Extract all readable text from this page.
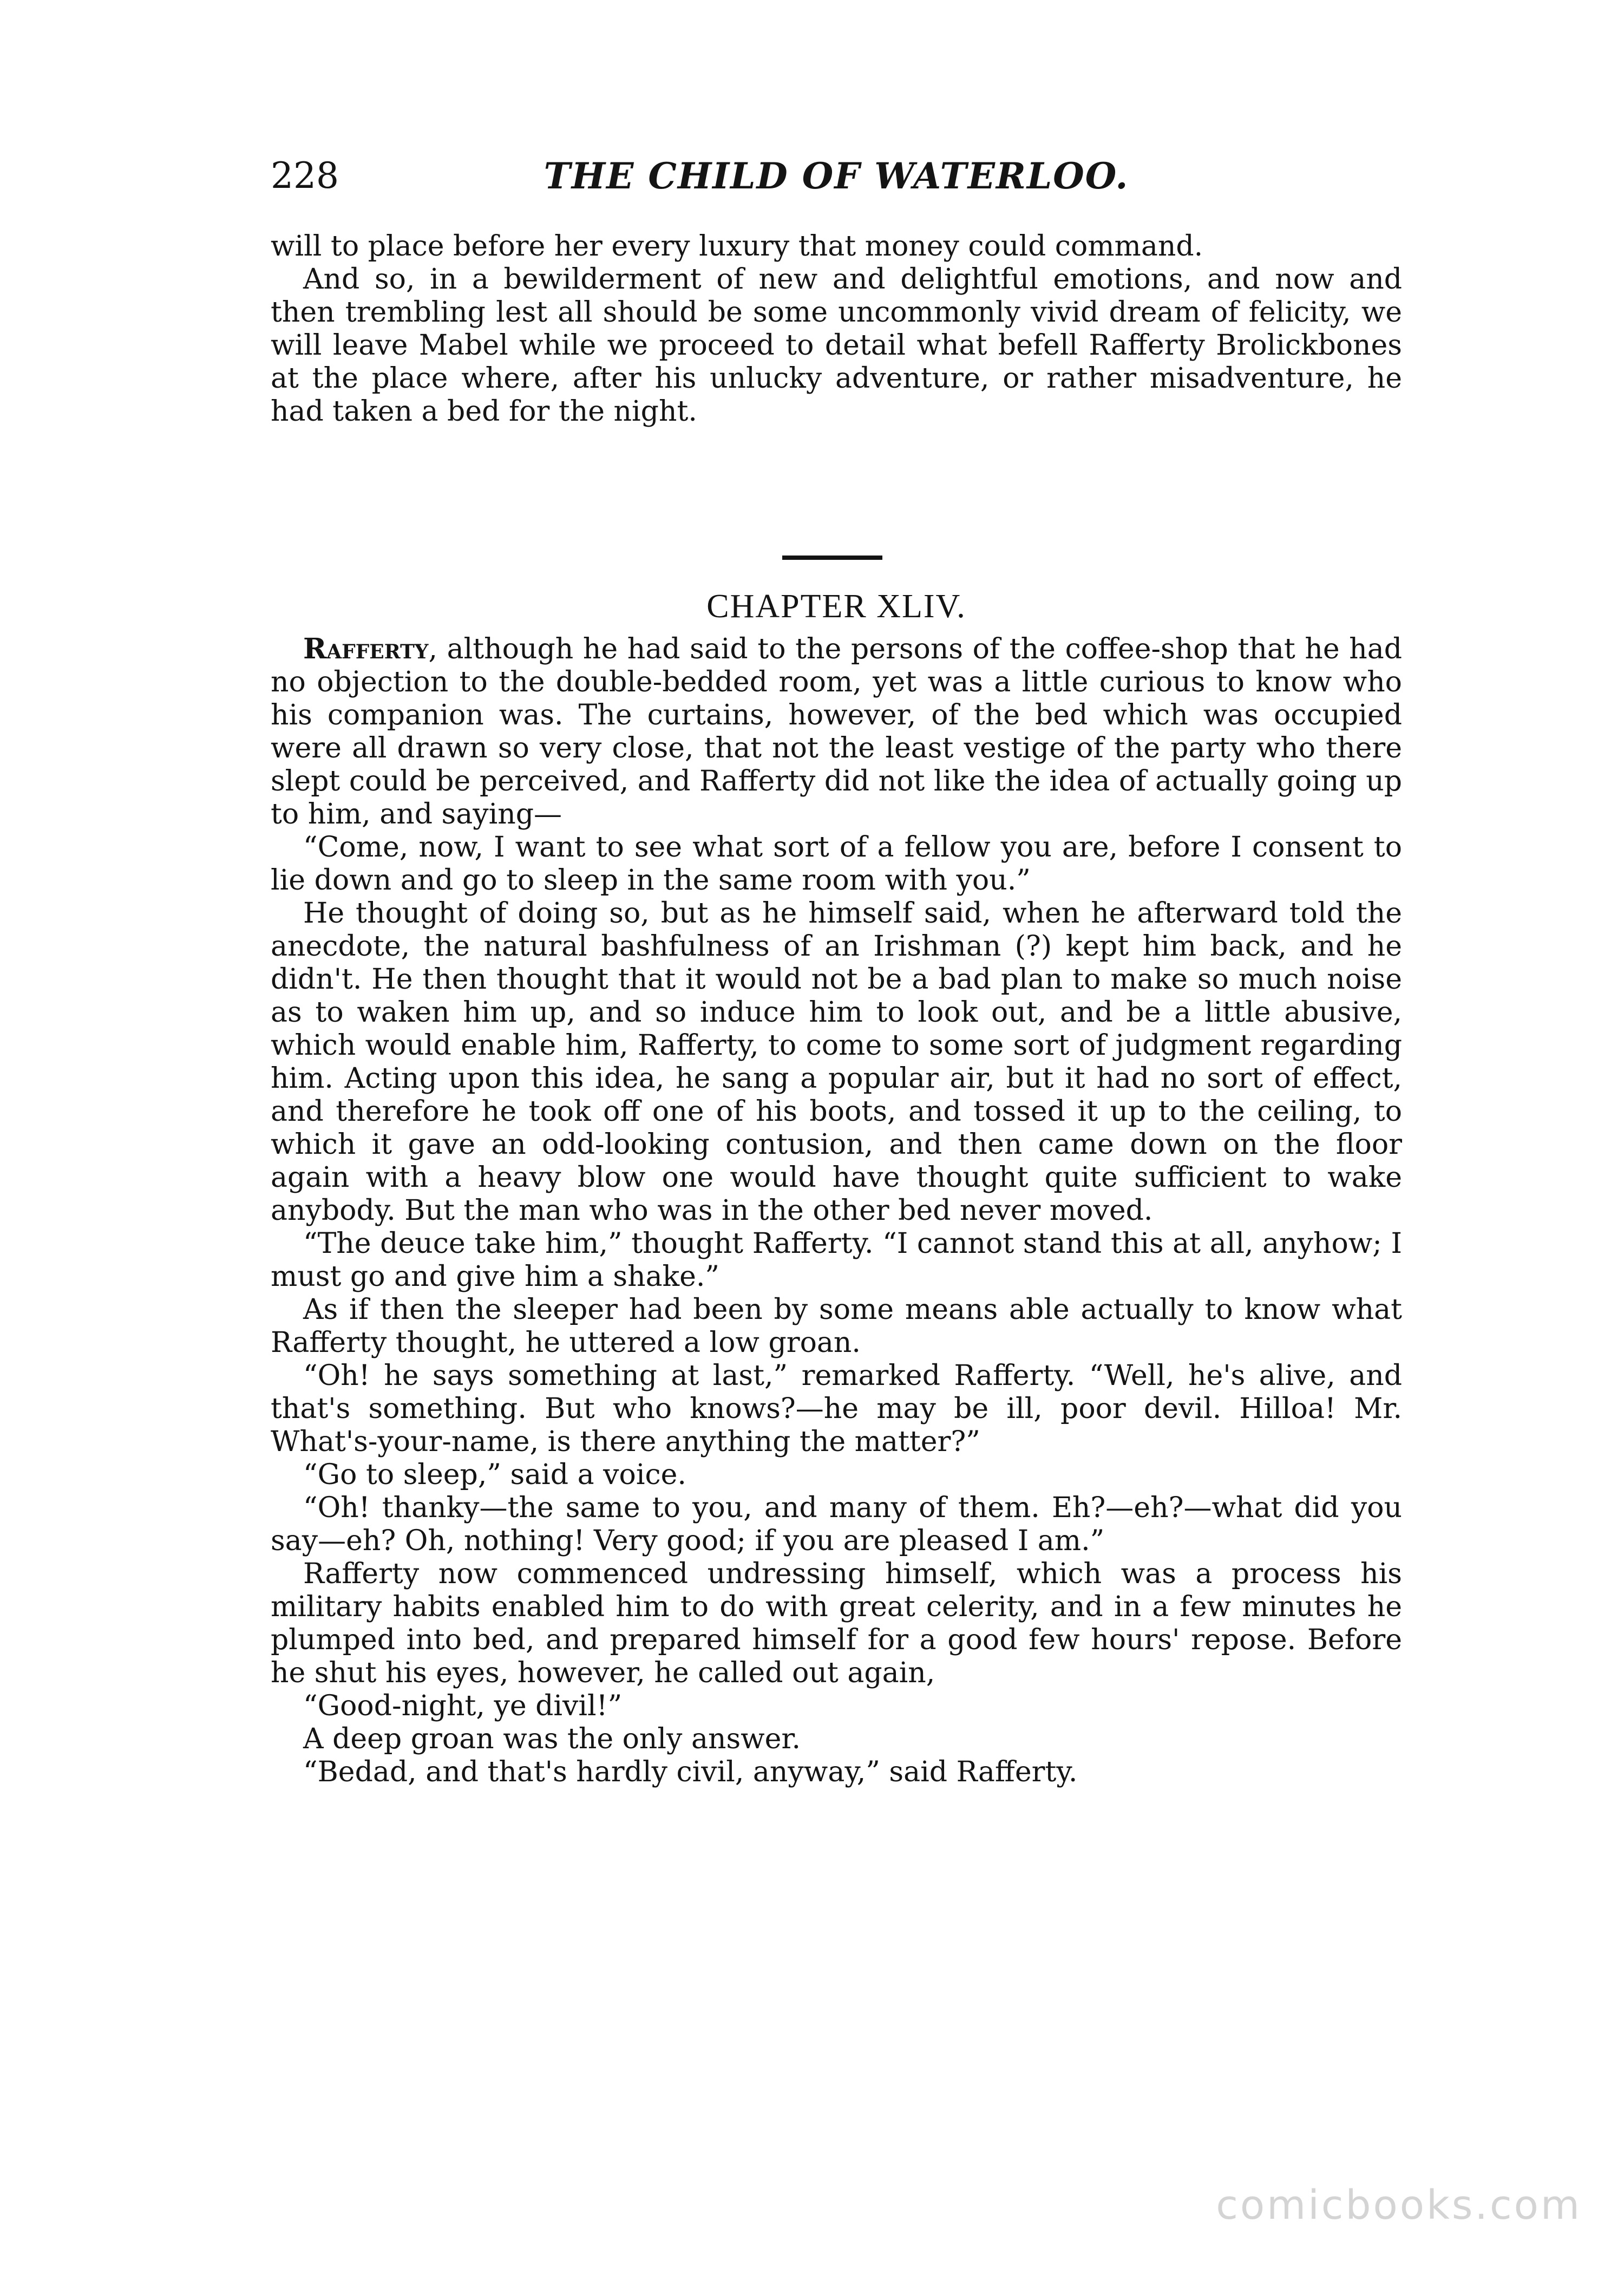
228	THE CHILD OF WATERLOO.

will to place before her every luxury that money could command.

And so, in a bewilderment of new and delightful emotions, and now and then trembling lest all should be some uncommonly vivid dream of felicity, we will leave Mabel while we proceed to detail what befell Rafferty Brolickbones at the place where, after his unlucky adventure, or rather misadventure, he had taken a bed for the night.

CHAPTER XLIV.

Rafferty, although he had said to the persons of the coffee-shop that he had no objection to the double-bedded room, yet was a little curious to know who his companion was. The curtains, however, of the bed which was occupied were all drawn so very close, that not the least vestige of the party who there slept could be perceived, and Rafferty did not like the idea of actually going up to him, and saying—

“Come, now, I want to see what sort of a fellow you are, before I consent to lie down and go to sleep in the same room with you.”

He thought of doing so, but as he himself said, when he afterward told the anecdote, the natural bashfulness of an Irishman (?) kept him back, and he didn't. He then thought that it would not be a bad plan to make so much noise as to waken him up, and so induce him to look out, and be a little abusive, which would enable him, Rafferty, to come to some sort of judgment regarding him. Acting upon this idea, he sang a popular air, but it had no sort of effect, and therefore he took off one of his boots, and tossed it up to the ceiling, to which it gave an odd-looking contusion, and then came down on the floor again with a heavy blow one would have thought quite sufficient to wake anybody. But the man who was in the other bed never moved.

“The deuce take him,” thought Rafferty. “I cannot stand this at all, anyhow; I must go and give him a shake.”

As if then the sleeper had been by some means able actually to know what Rafferty thought, he uttered a low groan.

“Oh! he says something at last,” remarked Rafferty. “Well, he's alive, and that's something. But who knows?—he may be ill, poor devil. Hilloa! Mr. What's-your-name, is there anything the matter?”

“Go to sleep,” said a voice.

“Oh! thanky—the same to you, and many of them. Eh?—eh?—what did you say—eh? Oh, nothing! Very good; if you are pleased I am.”

Rafferty now commenced undressing himself, which was a process his military habits enabled him to do with great celerity, and in a few minutes he plumped into bed, and prepared himself for a good few hours' repose. Before he shut his eyes, however, he called out again,

“Good-night, ye divil!”

A deep groan was the only answer.

“Bedad, and that's hardly civil, anyway,” said Rafferty.

comicbooks.com
